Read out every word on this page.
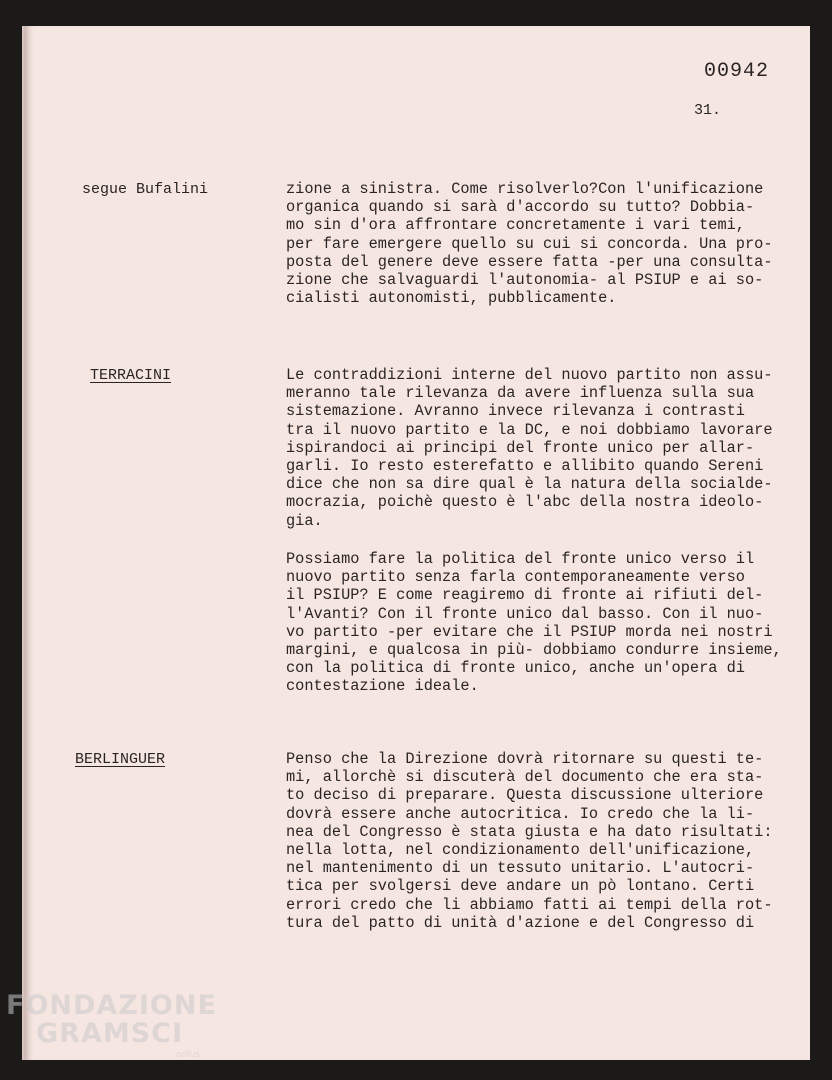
00942
31.
segue Bufalini	zione a sinistra. Come risolverlo?Con l'unificazione
organica quando si sarà d'accordo su tutto? Dobbia-
mo sin d'ora affrontare concretamente i vari temi,
per fare emergere quello su cui si concorda. Una pro-
posta del genere deve essere fatta -per una consulta-
zione che salvaguardi l'autonomia- al PSIUP e ai so-
cialisti autonomisti, pubblicamente.
TERRACINI	Le contraddizioni interne del nuovo partito non assu-
meranno tale rilevanza da avere influenza sulla sua
sistemazione. Avranno invece rilevanza i contrasti
tra il nuovo partito e la DC, e noi dobbiamo lavorare
ispirandoci ai principi del fronte unico per allar-
garli. Io resto esterefatto e allibito quando Sereni
dice che non sa dire qual è la natura della socialde-
mocrazia, poichè questo è l'abc della nostra ideolo-
gia.
Possiamo fare la politica del fronte unico verso il
nuovo partito senza farla contemporaneamente verso
il PSIUP? E come reagiremo di fronte ai rifiuti del-
l'Avanti? Con il fronte unico dal basso. Con il nuo-
vo partito -per evitare che il PSIUP morda nei nostri
margini, e qualcosa in più- dobbiamo condurre insieme,
con la politica di fronte unico, anche un'opera di
contestazione ideale.
BERLINGUER	Penso che la Direzione dovrà ritornare su questi te-
mi, allorchè si discuterà del documento che era sta-
to deciso di preparare. Questa discussione ulteriore
dovrà essere anche autocritica. Io credo che la li-
nea del Congresso è stata giusta e ha dato risultati:
nella lotta, nel condizionamento dell'unificazione,
nel mantenimento di un tessuto unitario. L'autocri-
tica per svolgersi deve andare un pò lontano. Certi
errori credo che li abbiamo fatti ai tempi della rot-
tura del patto di unità d'azione e del Congresso di
FONDAZIONE
GRAMSCI
onlus
